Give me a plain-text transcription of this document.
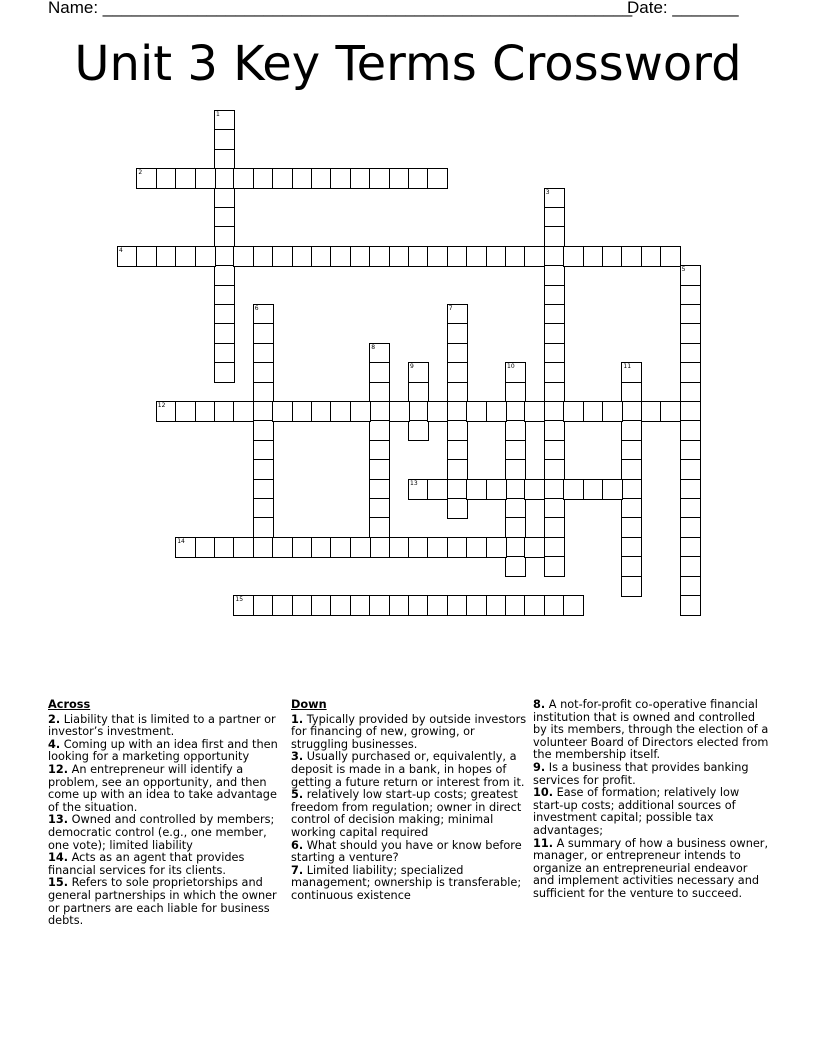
Name: ________________________________________________________
Date: _______
Unit 3 Key Terms Crossword
1
2
3
4
5
6	7
8
9	10	11
12
13
14
15
Across
2. Liability that is limited to a partner or investor’s investment.
4. Coming up with an idea first and then looking for a marketing opportunity
12. An entrepreneur will identify a problem, see an opportunity, and then come up with an idea to take advantage of the situation.
13. Owned and controlled by members; democratic control (e.g., one member, one vote); limited liability
14. Acts as an agent that provides financial services for its clients.
15. Refers to sole proprietorships and general partnerships in which the owner or partners are each liable for business debts.
Down
1. Typically provided by outside investors for financing of new, growing, or struggling businesses.
3. Usually purchased or, equivalently, a deposit is made in a bank, in hopes of getting a future return or interest from it.
5. relatively low start-up costs; greatest freedom from regulation; owner in direct control of decision making; minimal working capital required
6. What should you have or know before starting a venture?
7. Limited liability; specialized management; ownership is transferable; continuous existence
8. A not-for-profit co-operative financial institution that is owned and controlled by its members, through the election of a volunteer Board of Directors elected from the membership itself.
9. Is a business that provides banking services for profit.
10. Ease of formation; relatively low start-up costs; additional sources of investment capital; possible tax advantages;
11. A summary of how a business owner, manager, or entrepreneur intends to organize an entrepreneurial endeavor and implement activities necessary and sufficient for the venture to succeed.
